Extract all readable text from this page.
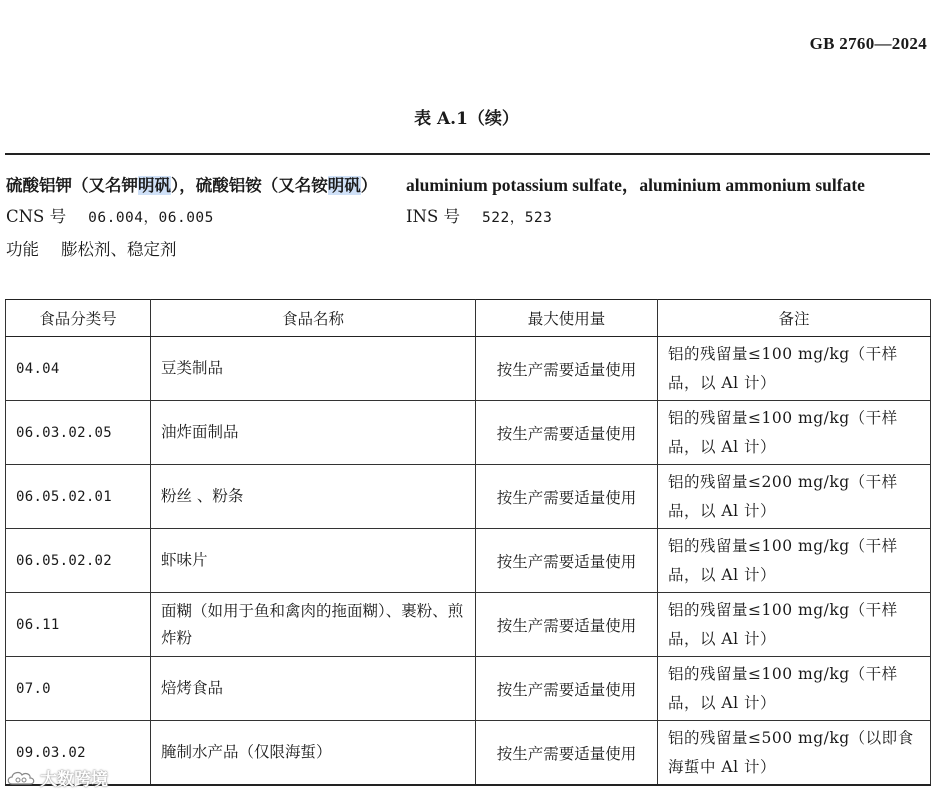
GB 2760—2024
表 A.1（续）
硫酸铝钾（又名钾明矾），硫酸铝铵（又名铵明矾）
CNS 号 06.004，06.005
功能 膨松剂、稳定剂
aluminium potassium sulfate，aluminium ammonium sulfate
INS 号 522，523
食品分类号	食品名称	最大使用量	备注
04.04	豆类制品	按生产需要适量使用	铝的残留量≤100 mg/kg（干样品，以 Al 计）
06.03.02.05	油炸面制品	按生产需要适量使用	铝的残留量≤100 mg/kg（干样品，以 Al 计）
06.05.02.01	粉丝 、粉条	按生产需要适量使用	铝的残留量≤200 mg/kg（干样品，以 Al 计）
06.05.02.02	虾味片	按生产需要适量使用	铝的残留量≤100 mg/kg（干样品，以 Al 计）
06.11	面糊（如用于鱼和禽肉的拖面糊）、裹粉、煎炸粉	按生产需要适量使用	铝的残留量≤100 mg/kg（干样品，以 Al 计）
07.0	焙烤食品	按生产需要适量使用	铝的残留量≤100 mg/kg（干样品，以 Al 计）
09.03.02	腌制水产品（仅限海蜇）	按生产需要适量使用	铝的残留量≤500 mg/kg（以即食海蜇中 Al 计）
大数跨境
